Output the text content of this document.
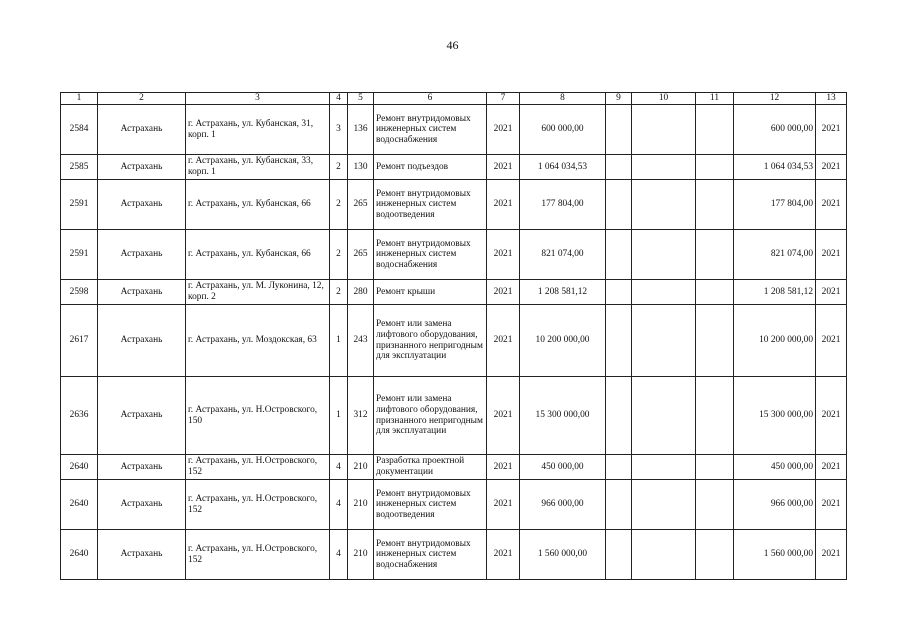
46
1	2	3	4	5	6	7	8	9	10	11	12	13
2584	Астрахань	г. Астрахань, ул. Кубанская, 31, корп. 1	3	136	Ремонт внутридомовых инженерных систем водоснабжения	2021	600 000,00				600 000,00	2021
2585	Астрахань	г. Астрахань, ул. Кубанская, 33, корп. 1	2	130	Ремонт подъездов	2021	1 064 034,53				1 064 034,53	2021
2591	Астрахань	г. Астрахань, ул. Кубанская, 66	2	265	Ремонт внутридомовых инженерных систем водоотведения	2021	177 804,00				177 804,00	2021
2591	Астрахань	г. Астрахань, ул. Кубанская, 66	2	265	Ремонт внутридомовых инженерных систем водоснабжения	2021	821 074,00				821 074,00	2021
2598	Астрахань	г. Астрахань, ул. М. Луконина, 12, корп. 2	2	280	Ремонт крыши	2021	1 208 581,12				1 208 581,12	2021
2617	Астрахань	г. Астрахань, ул. Моздокская, 63	1	243	Ремонт или замена лифтового оборудования, признанного непригодным для эксплуатации	2021	10 200 000,00				10 200 000,00	2021
2636	Астрахань	г. Астрахань, ул. Н.Островского, 150	1	312	Ремонт или замена лифтового оборудования, признанного непригодным для эксплуатации	2021	15 300 000,00				15 300 000,00	2021
2640	Астрахань	г. Астрахань, ул. Н.Островского, 152	4	210	Разработка проектной документации	2021	450 000,00				450 000,00	2021
2640	Астрахань	г. Астрахань, ул. Н.Островского, 152	4	210	Ремонт внутридомовых инженерных систем водоотведения	2021	966 000,00				966 000,00	2021
2640	Астрахань	г. Астрахань, ул. Н.Островского, 152	4	210	Ремонт внутридомовых инженерных систем водоснабжения	2021	1 560 000,00				1 560 000,00	2021
